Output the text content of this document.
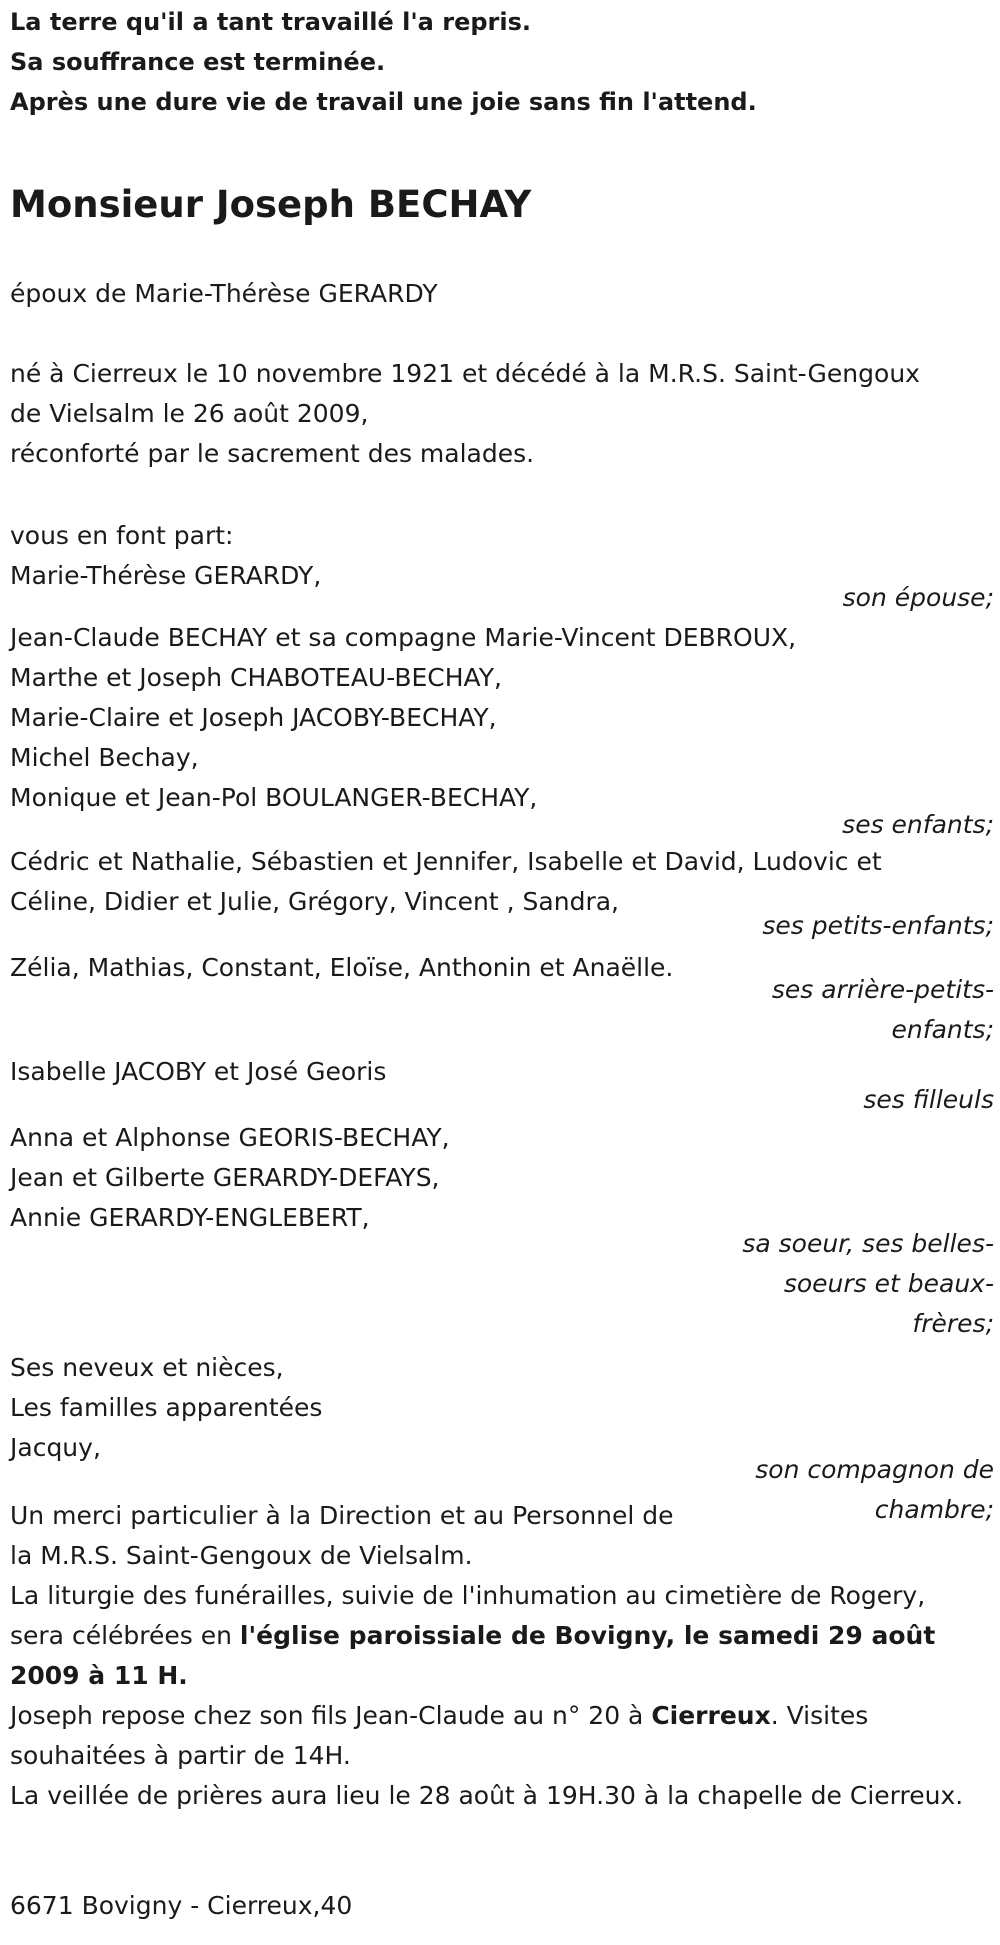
La terre qu'il a tant travaillé l'a repris.

Sa souffrance est terminée.

Après une dure vie de travail une joie sans fin l'attend.

Monsieur Joseph BECHAY

époux de Marie-Thérèse GERARDY

né à Cierreux le 10 novembre 1921 et décédé à la M.R.S. Saint-Gengoux

de Vielsalm le 26 août 2009,

réconforté par le sacrement des malades.

vous en font part:

Marie-Thérèse GERARDY,

son épouse;

Jean-Claude BECHAY et sa compagne Marie-Vincent DEBROUX,

Marthe et Joseph CHABOTEAU-BECHAY,

Marie-Claire et Joseph JACOBY-BECHAY,

Michel Bechay,

Monique et Jean-Pol BOULANGER-BECHAY,

ses enfants;

Cédric et Nathalie, Sébastien et Jennifer, Isabelle et David, Ludovic et

Céline, Didier et Julie, Grégory, Vincent , Sandra,

ses petits-enfants;

Zélia, Mathias, Constant, Eloïse, Anthonin et Anaëlle.

ses arrière-petits-

enfants;

Isabelle JACOBY et José Georis

ses filleuls

Anna et Alphonse GEORIS-BECHAY,

Jean et Gilberte GERARDY-DEFAYS,

Annie GERARDY-ENGLEBERT,

sa soeur, ses belles-

soeurs et beaux-

frères;

Ses neveux et nièces,

Les familles apparentées

Jacquy,

son compagnon de

chambre;

Un merci particulier à la Direction et au Personnel de

la M.R.S. Saint-Gengoux de Vielsalm.

La liturgie des funérailles, suivie de l'inhumation au cimetière de Rogery,

sera célébrées en l'église paroissiale de Bovigny, le samedi 29 août 2009 à 11 H.

Joseph repose chez son fils Jean-Claude au n° 20 à Cierreux. Visites souhaitées à partir de 14H.

La veillée de prières aura lieu le 28 août à 19H.30 à la chapelle de Cierreux.

6671 Bovigny - Cierreux,40
